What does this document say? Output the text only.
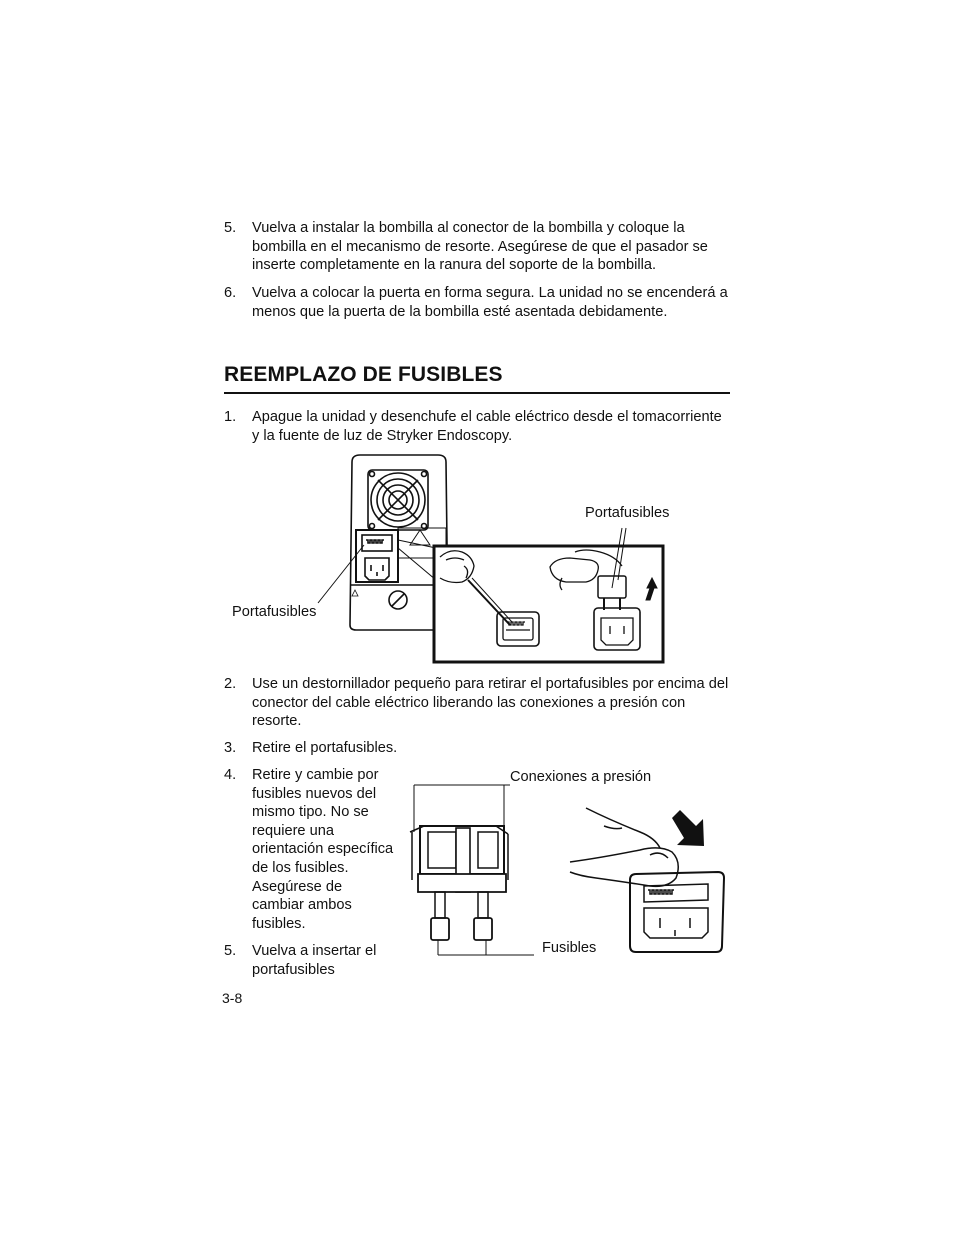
5. Vuelva a instalar la bombilla al conector de la bombilla y coloque la bombilla en el mecanismo de resorte. Asegúrese de que el pasador se inserte completamente en la ranura del soporte de la bombilla.
6. Vuelva a colocar la puerta en forma segura. La unidad no se encenderá a menos que la puerta de la bombilla esté asentada debidamente.
REEMPLAZO DE FUSIBLES
1. Apague la unidad y desenchufe el cable eléctrico desde el tomacorriente y la fuente de luz de Stryker Endoscopy.
Portafusibles
Portafusibles
2. Use un destornillador pequeño para retirar el portafusibles por encima del conector del cable eléctrico liberando las conexiones a presión con resorte.
3. Retire el portafusibles.
4. Retire y cambie por fusibles nuevos del mismo tipo. No se requiere una orientación específica de los fusibles. Asegúrese de cambiar ambos fusibles.
5. Vuelva a insertar el portafusibles
Conexiones a presión
Fusibles
3-8
